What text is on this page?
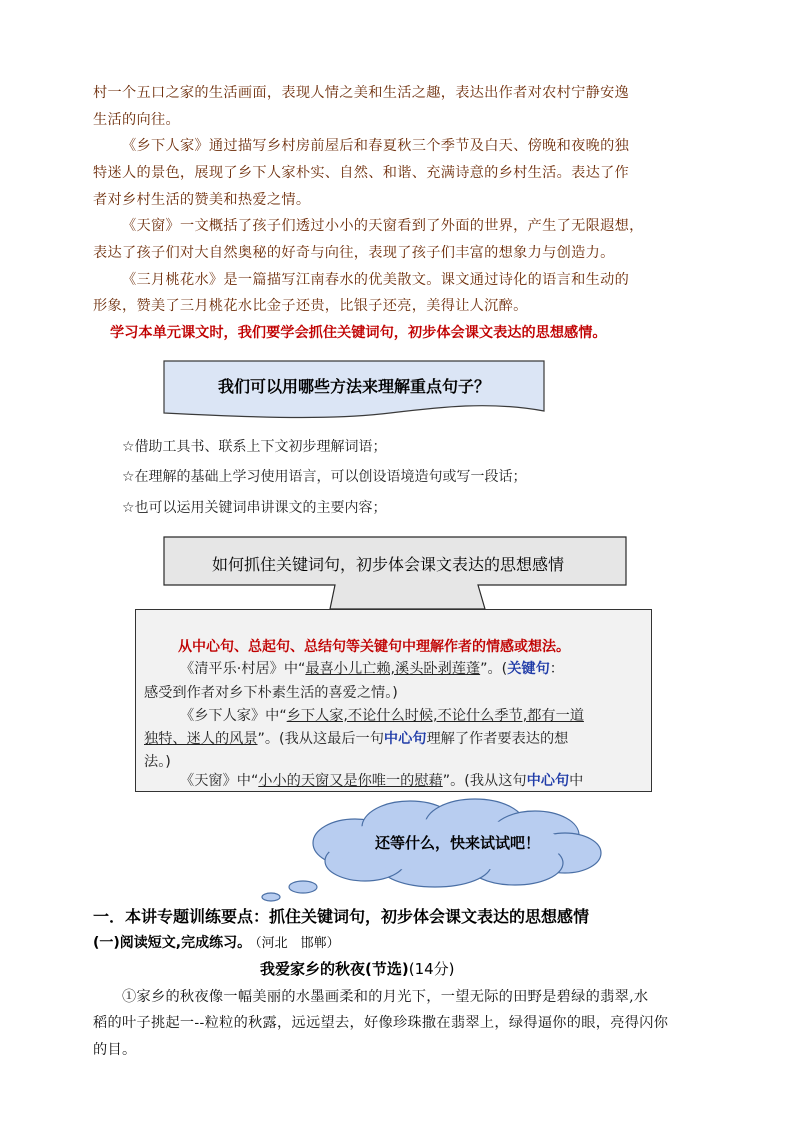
村一个五口之家的生活画面，表现人情之美和生活之趣，表达出作者对农村宁静安逸
生活的向往。
《乡下人家》通过描写乡村房前屋后和春夏秋三个季节及白天、傍晚和夜晚的独
特迷人的景色，展现了乡下人家朴实、自然、和谐、充满诗意的乡村生活。表达了作
者对乡村生活的赞美和热爱之情。
《天窗》一文概括了孩子们透过小小的天窗看到了外面的世界，产生了无限遐想，
表达了孩子们对大自然奥秘的好奇与向往，表现了孩子们丰富的想象力与创造力。
《三月桃花水》是一篇描写江南春水的优美散文。课文通过诗化的语言和生动的
形象，赞美了三月桃花水比金子还贵，比银子还亮，美得让人沉醉。
学习本单元课文时，我们要学会抓住关键词句，初步体会课文表达的思想感情。
我们可以用哪些方法来理解重点句子？
☆借助工具书、联系上下文初步理解词语；
☆在理解的基础上学习使用语言，可以创设语境造句或写一段话；
☆也可以运用关键词串讲课文的主要内容；
如何抓住关键词句，初步体会课文表达的思想感情
从中心句、总起句、总结句等关键句中理解作者的情感或想法。
《清平乐·村居》中“最喜小儿亡赖,溪头卧剥莲蓬”。(关键句：
感受到作者对乡下朴素生活的喜爱之情。)
《乡下人家》中“乡下人家,不论什么时候,不论什么季节,都有一道
独特、迷人的风景”。(我从这最后一句中心句理解了作者要表达的想
法。)
《天窗》中“小小的天窗又是你唯一的慰藉”。(我从这句中心句中
还等什么，快来试试吧！
一．本讲专题训练要点：抓住关键词句，初步体会课文表达的思想感情
(一)阅读短文,完成练习。 （河北　邯郸）
我爱家乡的秋夜(节选)(14分)
①家乡的秋夜像一幅美丽的水墨画柔和的月光下，一望无际的田野是碧绿的翡翠,水
稻的叶子挑起一--粒粒的秋露，远远望去，好像珍珠撒在翡翠上，绿得逼你的眼，亮得闪你
的目。
